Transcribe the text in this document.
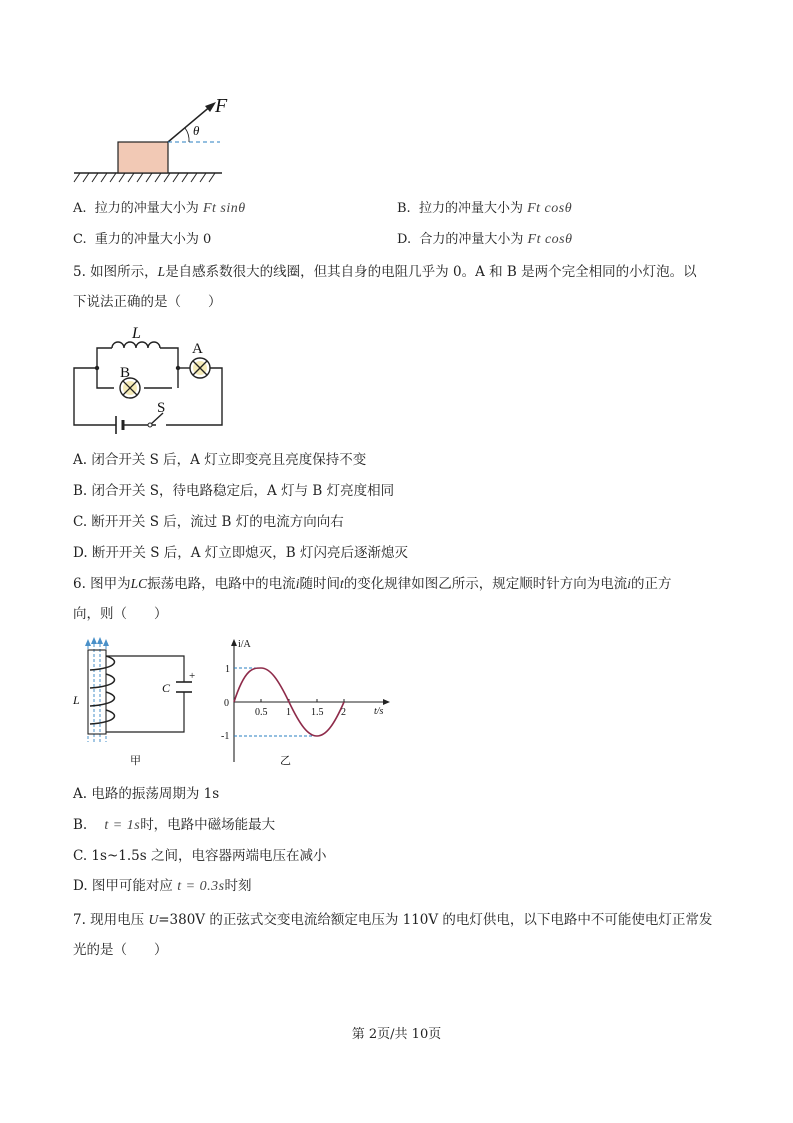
F
θ
A. 拉力的冲量大小为 Ft sinθ	B. 拉力的冲量大小为 Ft cosθ
C. 重力的冲量大小为 0	D. 合力的冲量大小为 Ft cosθ
5. 如图所示，L是自感系数很大的线圈，但其自身的电阻几乎为 0。A 和 B 是两个完全相同的小灯泡。以
下说法正确的是（　　）
L
A
B
S
A. 闭合开关 S 后，A 灯立即变亮且亮度保持不变
B. 闭合开关 S，待电路稳定后，A 灯与 B 灯亮度相同
C. 断开开关 S 后，流过 B 灯的电流方向向右
D. 断开开关 S 后，A 灯立即熄灭，B 灯闪亮后逐渐熄灭
6. 图甲为LC振荡电路，电路中的电流i随时间t的变化规律如图乙所示，规定顺时针方向为电流i的正方
向，则（　　）
+
C
L
甲
i/A
t/s
0
1
-1
0.5 1 1.5 2
乙
A. 电路的振荡周期为 1s
B. t = 1s时，电路中磁场能最大
C. 1s~1.5s 之间，电容器两端电压在减小
D. 图甲可能对应 t = 0.3s时刻
7. 现用电压 U=380V 的正弦式交变电流给额定电压为 110V 的电灯供电，以下电路中不可能使电灯正常发
光的是（　　）
第 2页/共 10页
